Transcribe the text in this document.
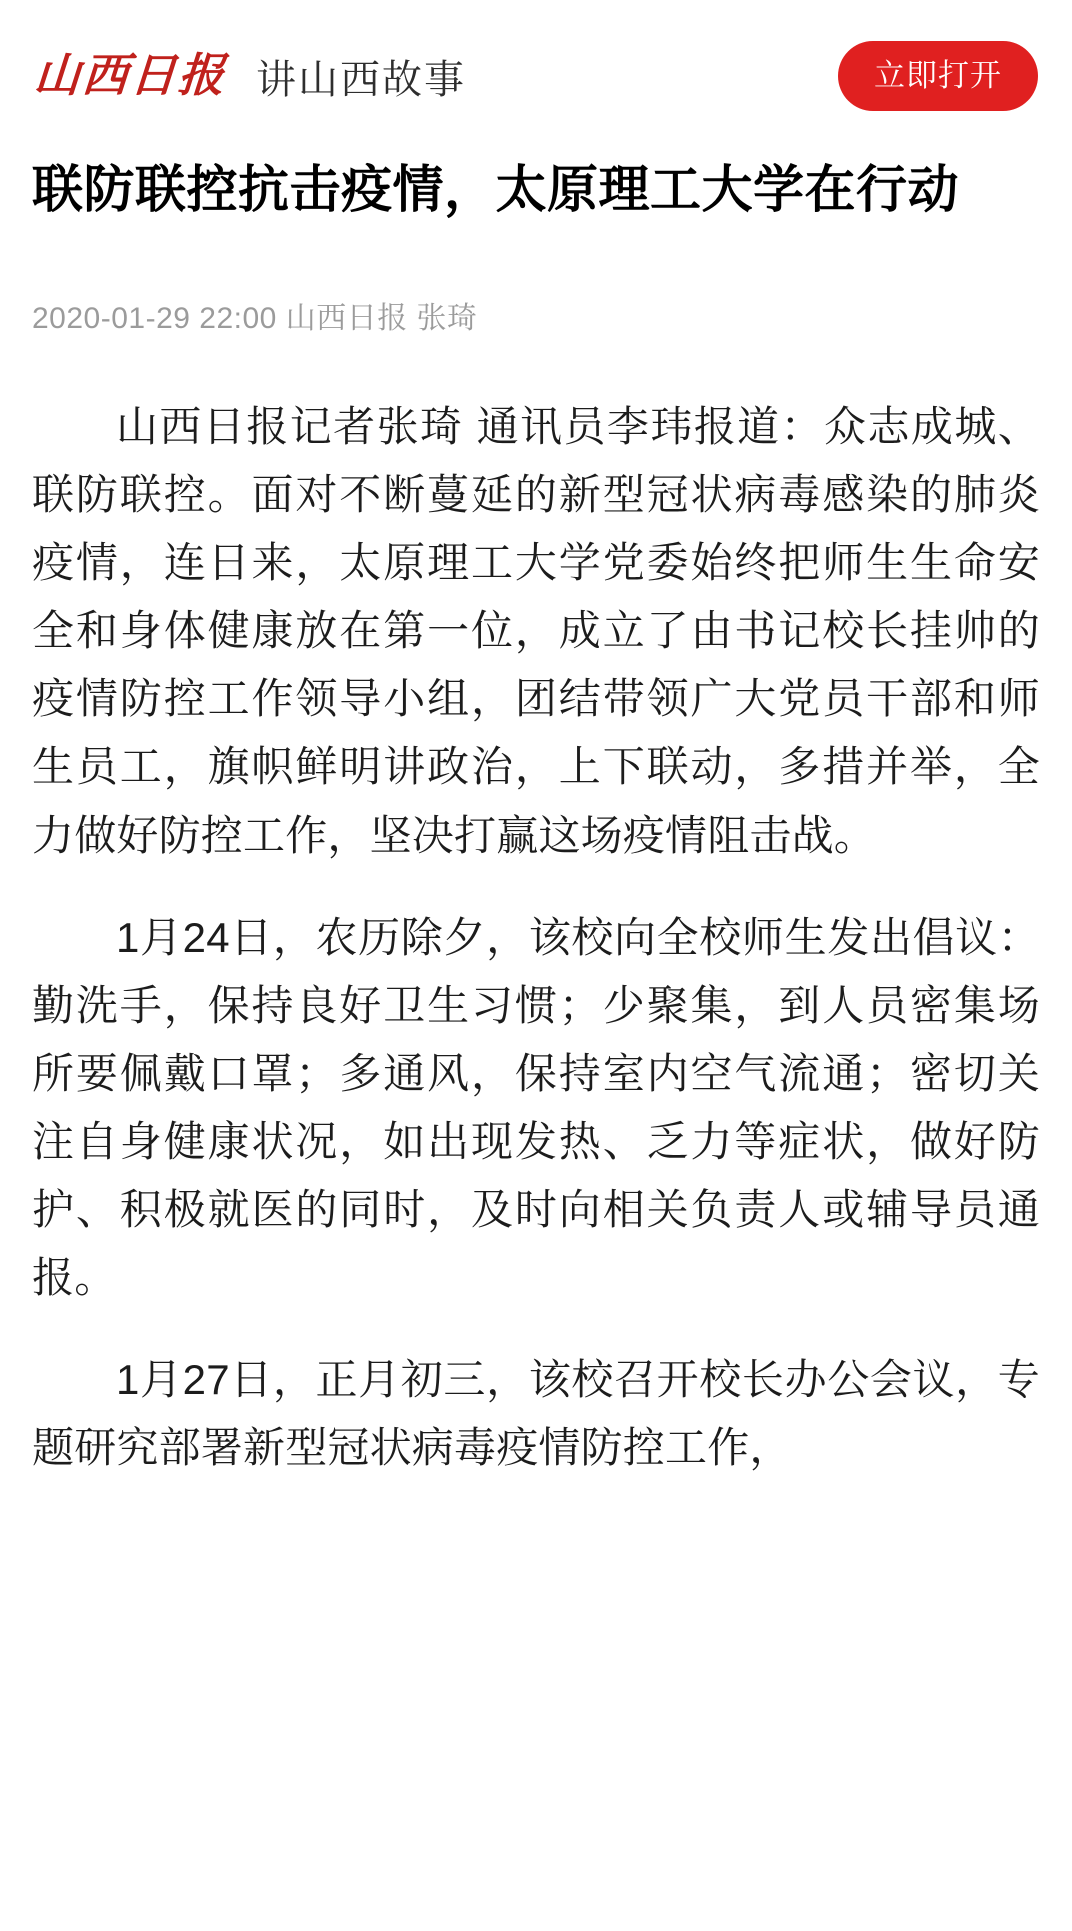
山西日报 讲山西故事	立即打开
联防联控抗击疫情，太原理工大学在行动
2020-01-29 22:00 山西日报 张琦

山西日报记者张琦 通讯员李玮报道：众志成城、联防联控。面对不断蔓延的新型冠状病毒感染的肺炎疫情，连日来，太原理工大学党委始终把师生生命安全和身体健康放在第一位，成立了由书记校长挂帅的疫情防控工作领导小组，团结带领广大党员干部和师生员工，旗帜鲜明讲政治，上下联动，多措并举，全力做好防控工作，坚决打赢这场疫情阻击战。

1月24日，农历除夕，该校向全校师生发出倡议：勤洗手，保持良好卫生习惯；少聚集，到人员密集场所要佩戴口罩；多通风，保持室内空气流通；密切关注自身健康状况，如出现发热、乏力等症状，做好防护、积极就医的同时，及时向相关负责人或辅导员通报。

1月27日，正月初三，该校召开校长办公会议，专题研究部署新型冠状病毒疫情防控工作，
